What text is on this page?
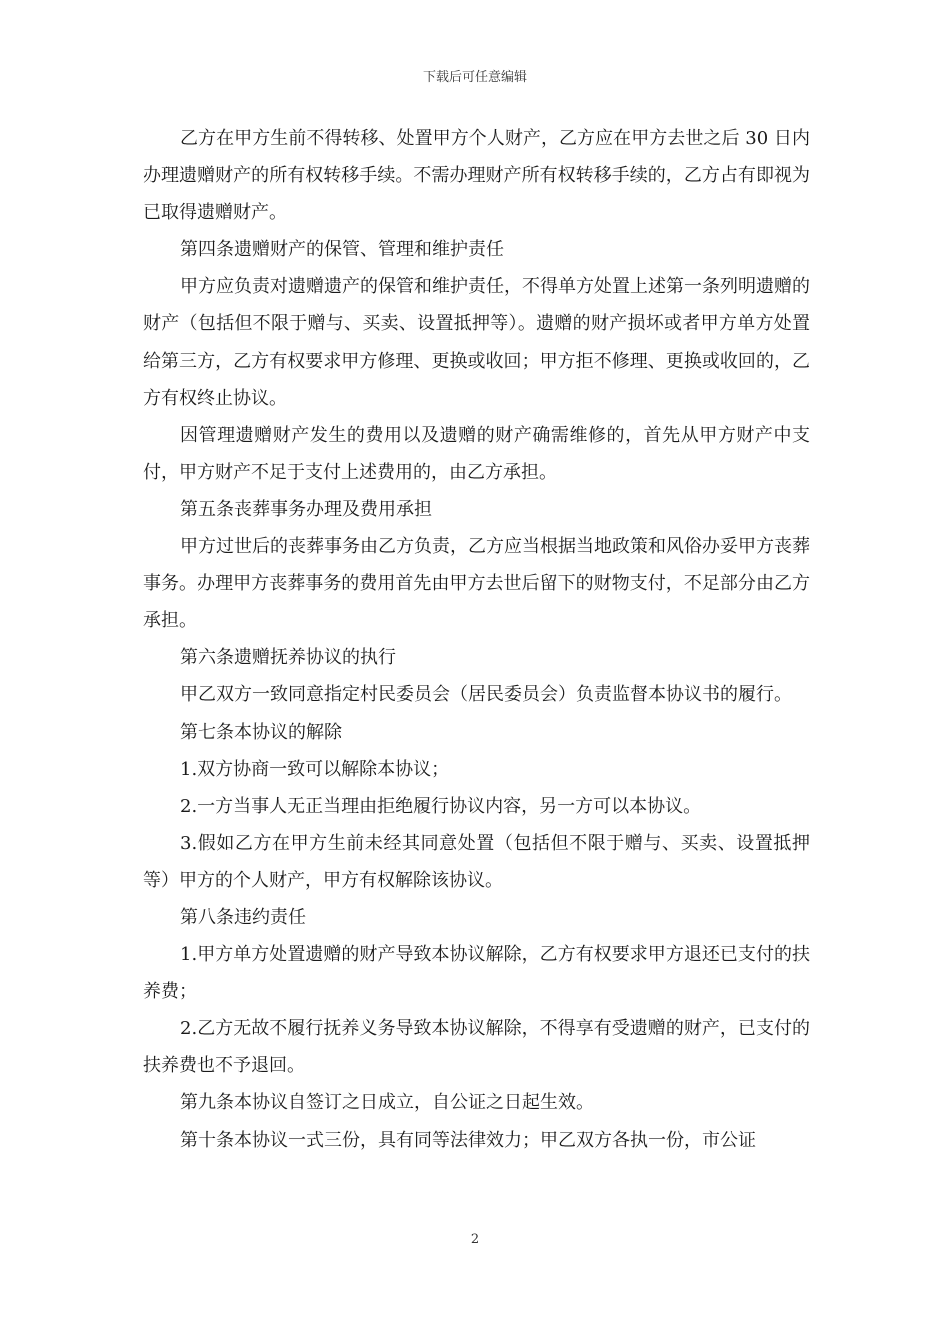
下载后可任意编辑

乙方在甲方生前不得转移、处置甲方个人财产，乙方应在甲方去世之后 30 日内办理遗赠财产的所有权转移手续。不需办理财产所有权转移手续的，乙方占有即视为已取得遗赠财产。

第四条遗赠财产的保管、管理和维护责任

甲方应负责对遗赠遗产的保管和维护责任，不得单方处置上述第一条列明遗赠的财产（包括但不限于赠与、买卖、设置抵押等）。遗赠的财产损坏或者甲方单方处置给第三方，乙方有权要求甲方修理、更换或收回；甲方拒不修理、更换或收回的，乙方有权终止协议。

因管理遗赠财产发生的费用以及遗赠的财产确需维修的，首先从甲方财产中支付，甲方财产不足于支付上述费用的，由乙方承担。

第五条丧葬事务办理及费用承担

甲方过世后的丧葬事务由乙方负责，乙方应当根据当地政策和风俗办妥甲方丧葬事务。办理甲方丧葬事务的费用首先由甲方去世后留下的财物支付，不足部分由乙方承担。

第六条遗赠抚养协议的执行

甲乙双方一致同意指定村民委员会（居民委员会）负责监督本协议书的履行。

第七条本协议的解除

1.双方协商一致可以解除本协议；

2.一方当事人无正当理由拒绝履行协议内容，另一方可以本协议。

3.假如乙方在甲方生前未经其同意处置（包括但不限于赠与、买卖、设置抵押等）甲方的个人财产，甲方有权解除该协议。

第八条违约责任

1.甲方单方处置遗赠的财产导致本协议解除，乙方有权要求甲方退还已支付的扶养费；

2.乙方无故不履行抚养义务导致本协议解除，不得享有受遗赠的财产，已支付的扶养费也不予退回。

第九条本协议自签订之日成立，自公证之日起生效。

第十条本协议一式三份，具有同等法律效力；甲乙双方各执一份，市公证

2
